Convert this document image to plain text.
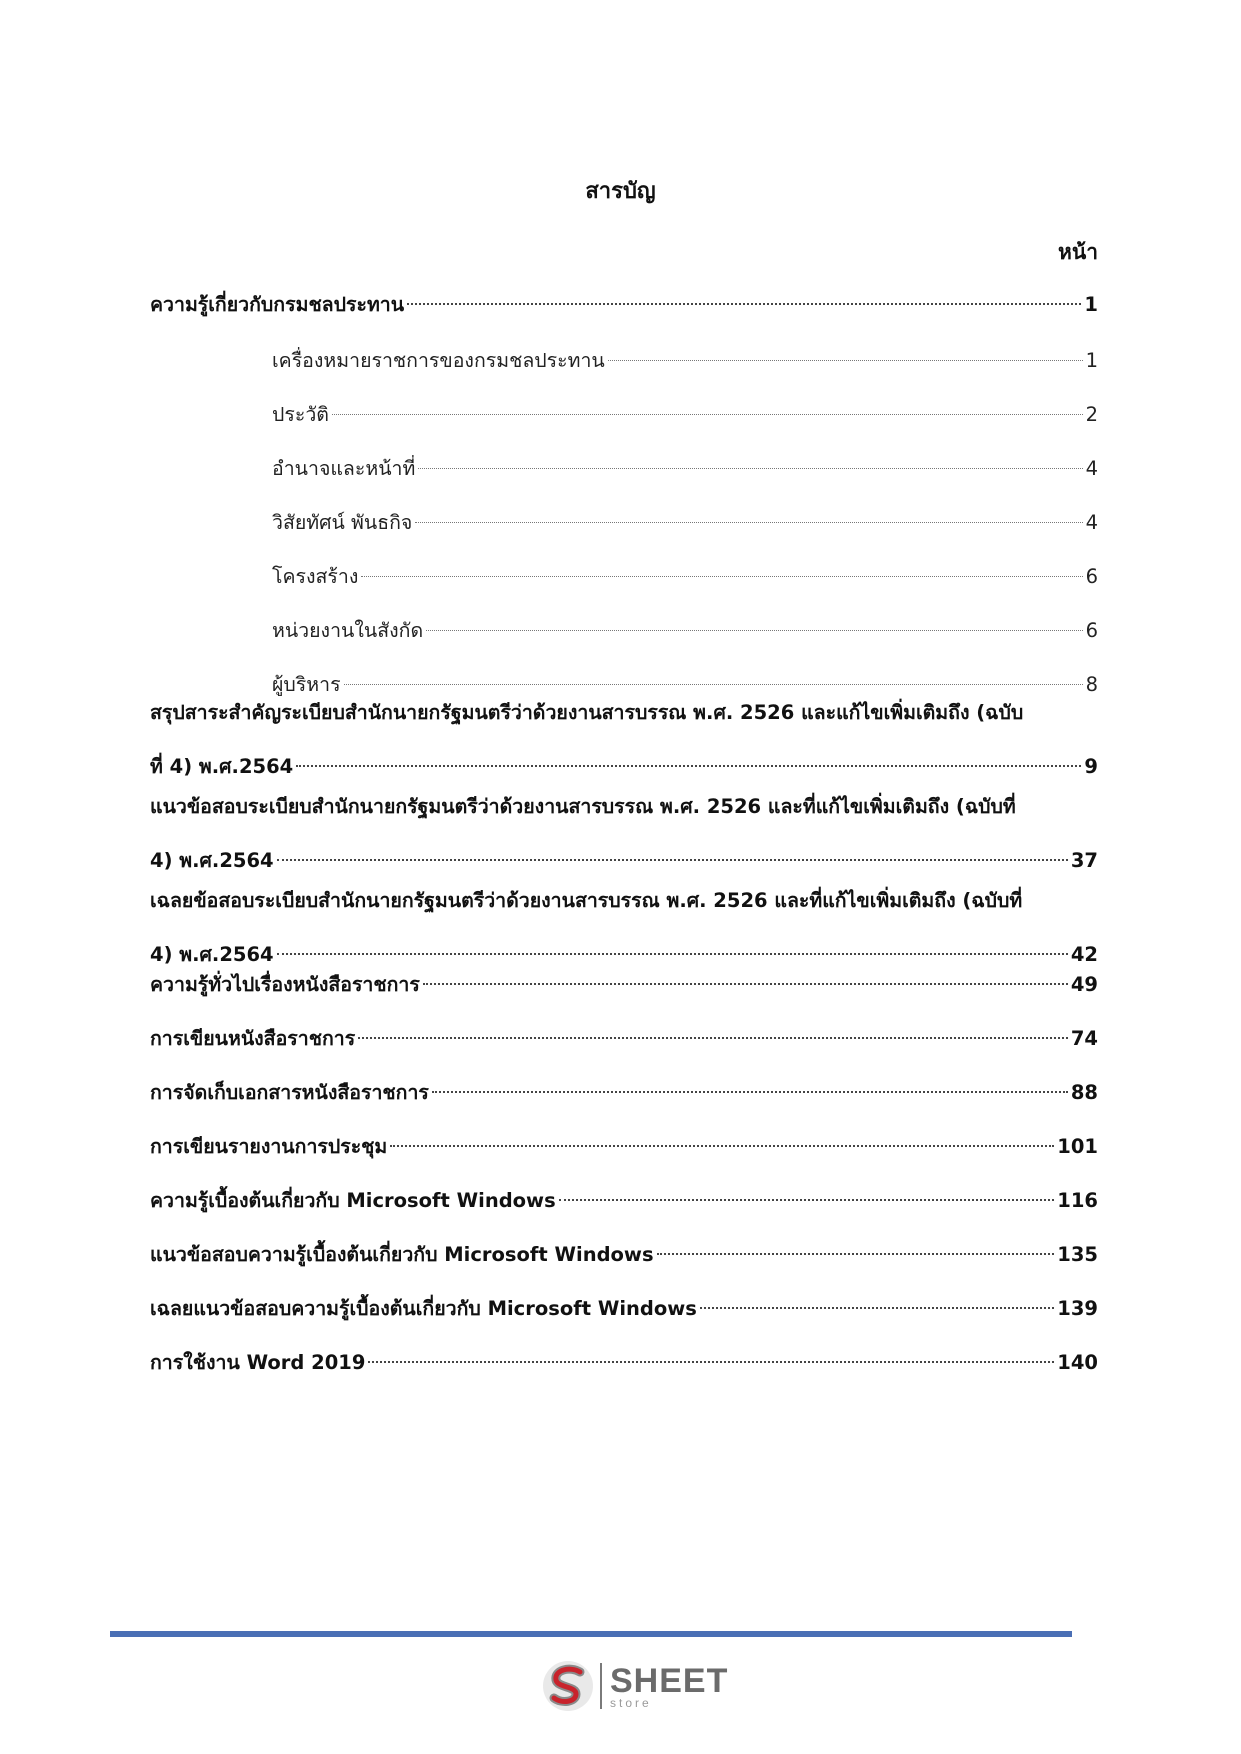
สารบัญ
หน้า
ความรู้เกี่ยวกับกรมชลประทาน	1
เครื่องหมายราชการของกรมชลประทาน	1
ประวัติ	2
อำนาจและหน้าที่	4
วิสัยทัศน์ พันธกิจ	4
โครงสร้าง	6
หน่วยงานในสังกัด	6
ผู้บริหาร	8
สรุปสาระสำคัญระเบียบสำนักนายกรัฐมนตรีว่าด้วยงานสารบรรณ พ.ศ. 2526 และแก้ไขเพิ่มเติมถึง (ฉบับ
ที่ 4) พ.ศ.2564	9
แนวข้อสอบระเบียบสำนักนายกรัฐมนตรีว่าด้วยงานสารบรรณ พ.ศ. 2526 และที่แก้ไขเพิ่มเติมถึง (ฉบับที่
4) พ.ศ.2564	37
เฉลยข้อสอบระเบียบสำนักนายกรัฐมนตรีว่าด้วยงานสารบรรณ พ.ศ. 2526 และที่แก้ไขเพิ่มเติมถึง (ฉบับที่
4) พ.ศ.2564	42
ความรู้ทั่วไปเรื่องหนังสือราชการ	49
การเขียนหนังสือราชการ	74
การจัดเก็บเอกสารหนังสือราชการ	88
การเขียนรายงานการประชุม	101
ความรู้เบื้องต้นเกี่ยวกับ Microsoft Windows	116
แนวข้อสอบความรู้เบื้องต้นเกี่ยวกับ Microsoft Windows	135
เฉลยแนวข้อสอบความรู้เบื้องต้นเกี่ยวกับ Microsoft Windows	139
การใช้งาน Word 2019	140
SHEET
store
